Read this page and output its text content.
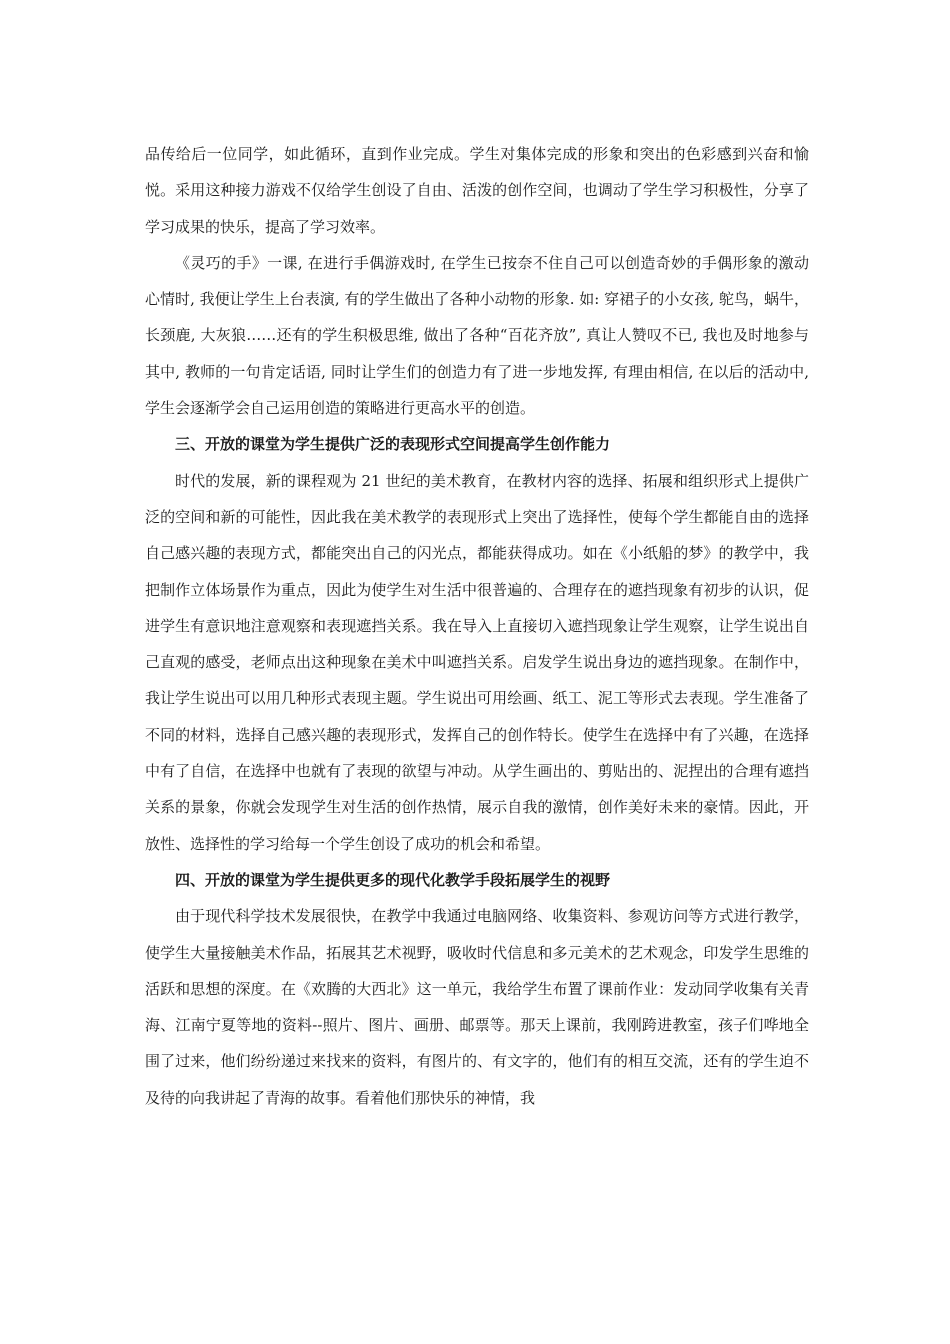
品传给后一位同学，如此循环，直到作业完成。学生对集体完成的形象和突出的色彩感到兴奋和愉悦。采用这种接力游戏不仅给学生创设了自由、活泼的创作空间，也调动了学生学习积极性，分享了学习成果的快乐，提高了学习效率。

《灵巧的手》一课, 在进行手偶游戏时, 在学生已按奈不住自己可以创造奇妙的手偶形象的激动心情时, 我便让学生上台表演, 有的学生做出了各种小动物的形象. 如: 穿裙子的小女孩, 鸵鸟，蜗牛，长颈鹿, 大灰狼……还有的学生积极思维, 做出了各种“百花齐放”, 真让人赞叹不已, 我也及时地参与其中, 教师的一句肯定话语, 同时让学生们的创造力有了进一步地发挥, 有理由相信, 在以后的活动中, 学生会逐渐学会自己运用创造的策略进行更高水平的创造。

三、开放的课堂为学生提供广泛的表现形式空间提高学生创作能力

时代的发展，新的课程观为 21 世纪的美术教育，在教材内容的选择、拓展和组织形式上提供广泛的空间和新的可能性，因此我在美术教学的表现形式上突出了选择性，使每个学生都能自由的选择自己感兴趣的表现方式，都能突出自己的闪光点，都能获得成功。如在《小纸船的梦》的教学中，我把制作立体场景作为重点，因此为使学生对生活中很普遍的、合理存在的遮挡现象有初步的认识，促进学生有意识地注意观察和表现遮挡关系。我在导入上直接切入遮挡现象让学生观察，让学生说出自己直观的感受，老师点出这种现象在美术中叫遮挡关系。启发学生说出身边的遮挡现象。在制作中，我让学生说出可以用几种形式表现主题。学生说出可用绘画、纸工、泥工等形式去表现。学生准备了不同的材料，选择自己感兴趣的表现形式，发挥自己的创作特长。使学生在选择中有了兴趣，在选择中有了自信，在选择中也就有了表现的欲望与冲动。从学生画出的、剪贴出的、泥捏出的合理有遮挡关系的景象，你就会发现学生对生活的创作热情，展示自我的激情，创作美好未来的豪情。因此，开放性、选择性的学习给每一个学生创设了成功的机会和希望。

四、开放的课堂为学生提供更多的现代化教学手段拓展学生的视野

由于现代科学技术发展很快，在教学中我通过电脑网络、收集资料、参观访问等方式进行教学，使学生大量接触美术作品，拓展其艺术视野，吸收时代信息和多元美术的艺术观念，印发学生思维的活跃和思想的深度。在《欢腾的大西北》这一单元，我给学生布置了课前作业：发动同学收集有关青海、江南宁夏等地的资料--照片、图片、画册、邮票等。那天上课前，我刚跨进教室，孩子们哗地全围了过来，他们纷纷递过来找来的资料，有图片的、有文字的，他们有的相互交流，还有的学生迫不及待的向我讲起了青海的故事。看着他们那快乐的神情，我
